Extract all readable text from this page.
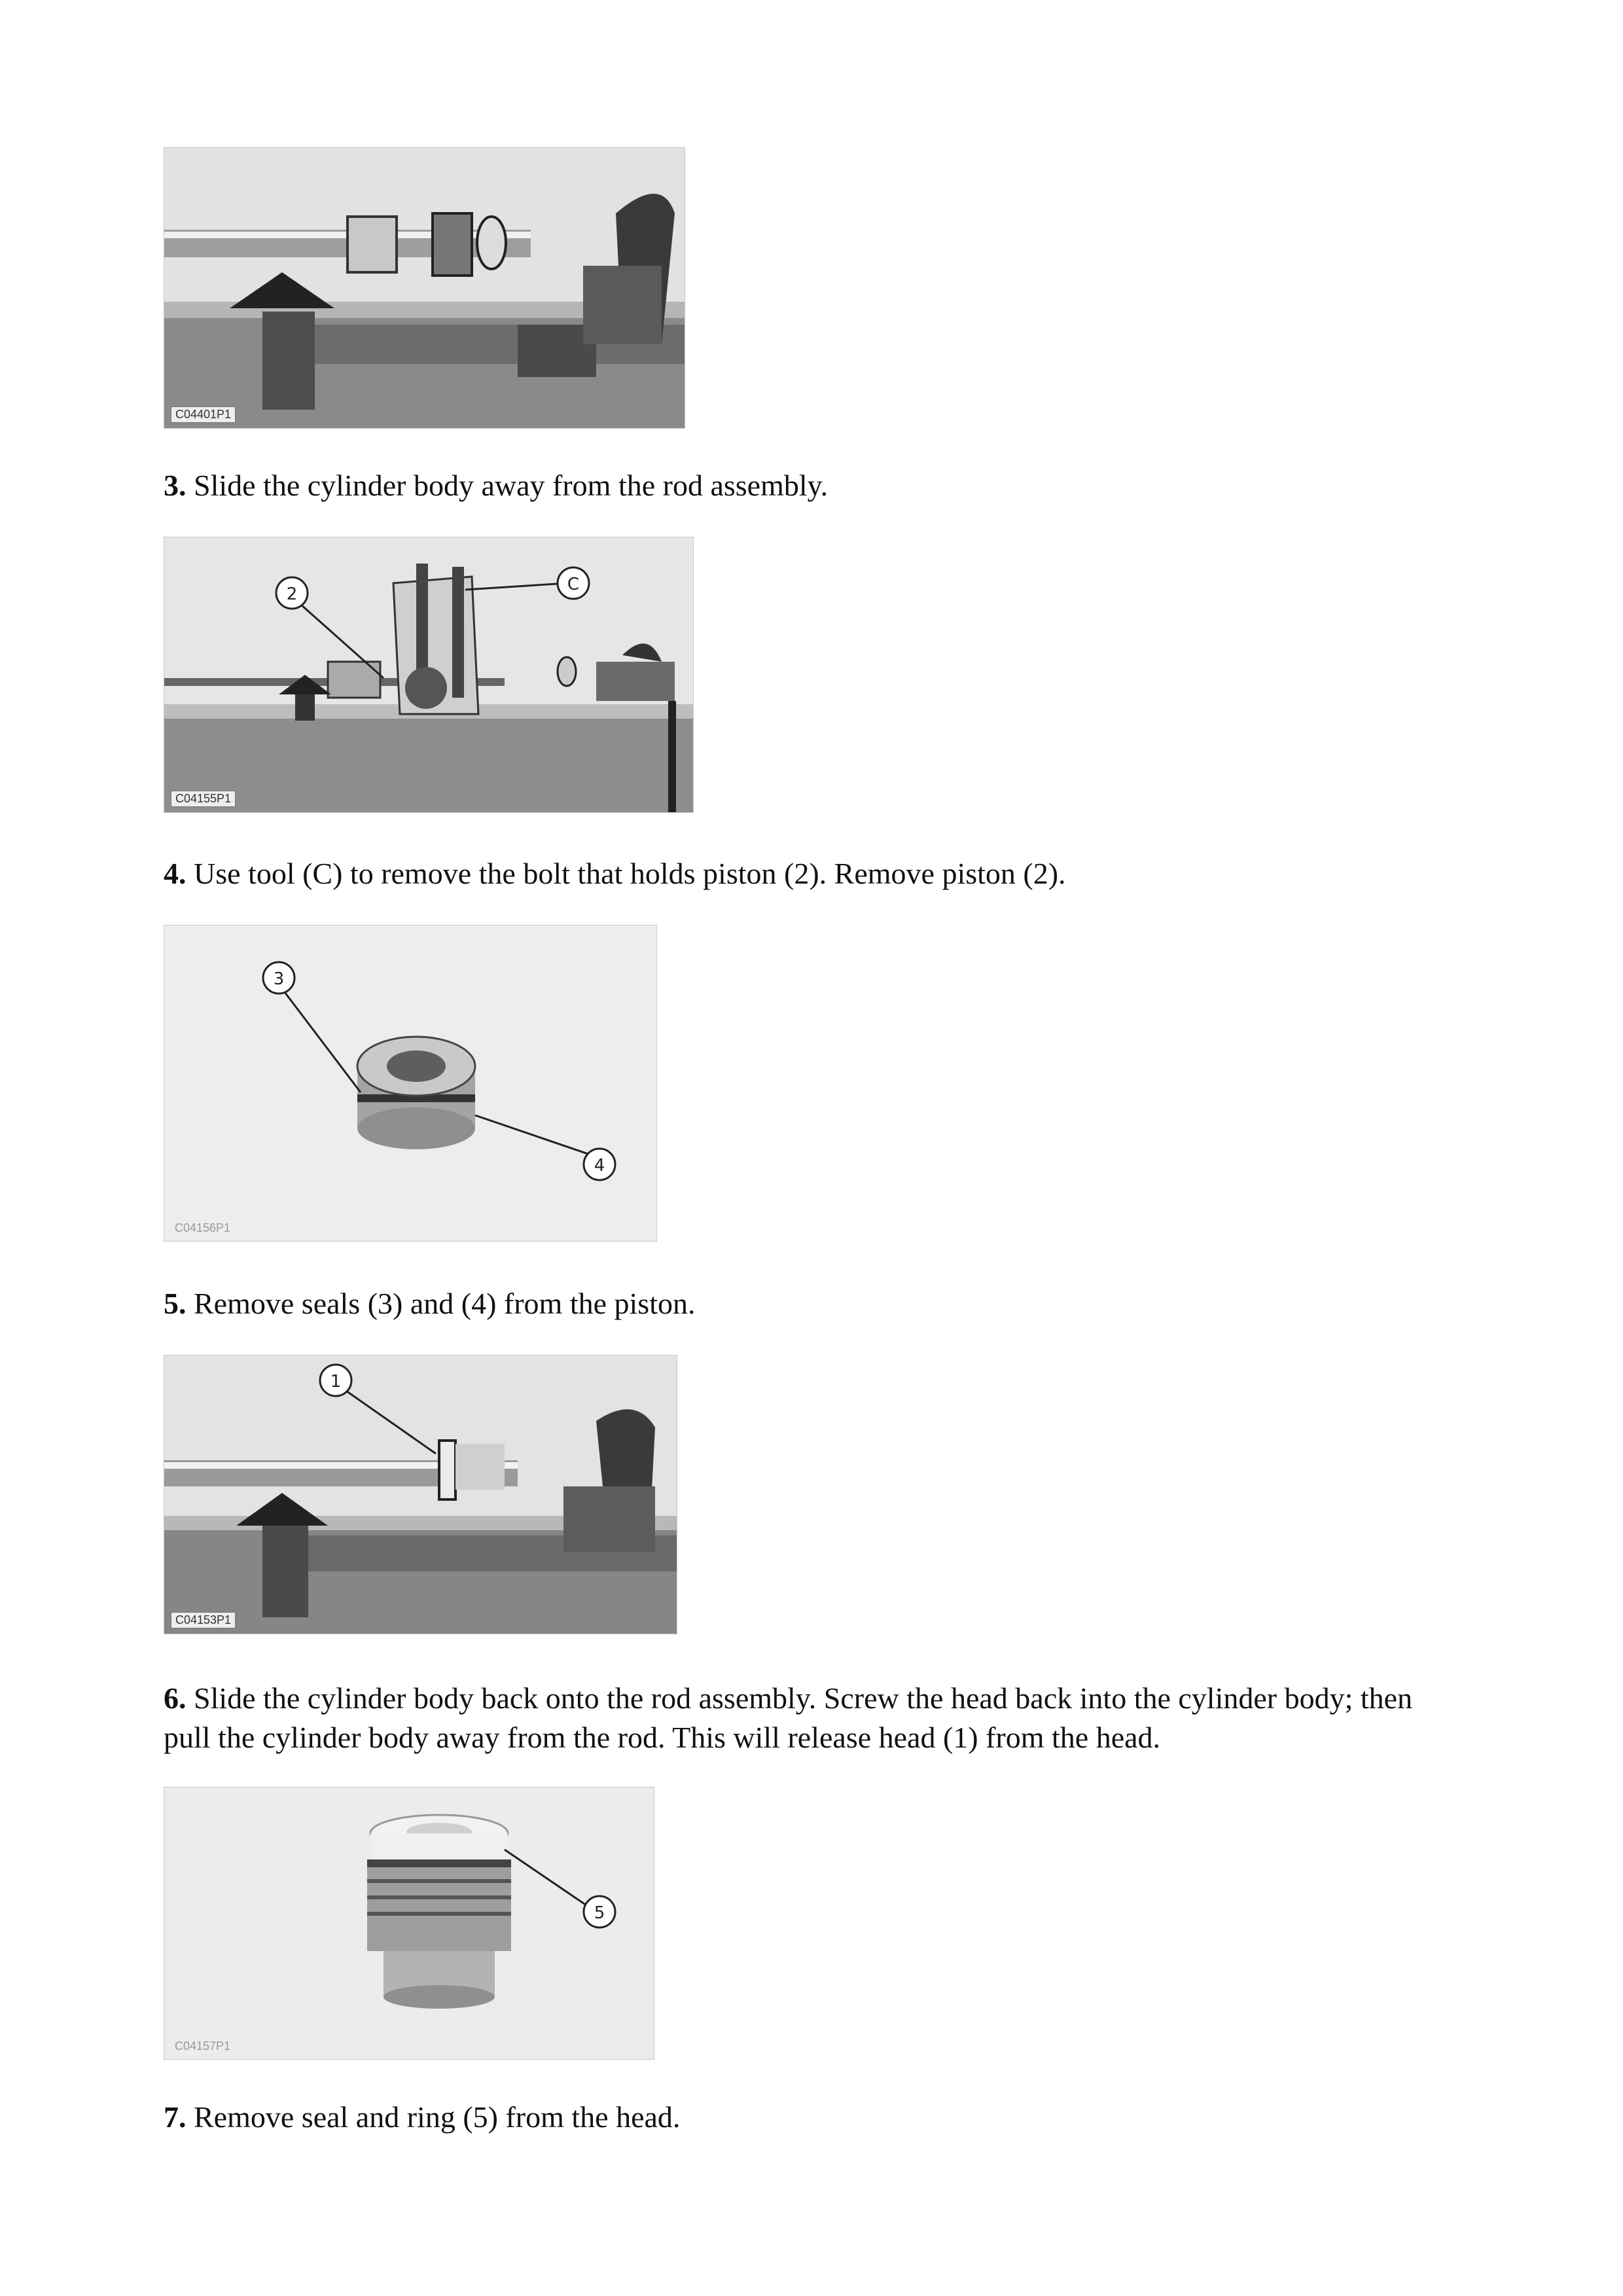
C04401P1

3. Slide the cylinder body away from the rod assembly.

2	C
C04155P1

4. Use tool (C) to remove the bolt that holds piston (2). Remove piston (2).

3
4
C04156P1

5. Remove seals (3) and (4) from the piston.

1
C04153P1

6. Slide the cylinder body back onto the rod assembly. Screw the head back into the cylinder body; then pull the cylinder body away from the rod. This will release head (1) from the head.

5
C04157P1

7. Remove seal and ring (5) from the head.
